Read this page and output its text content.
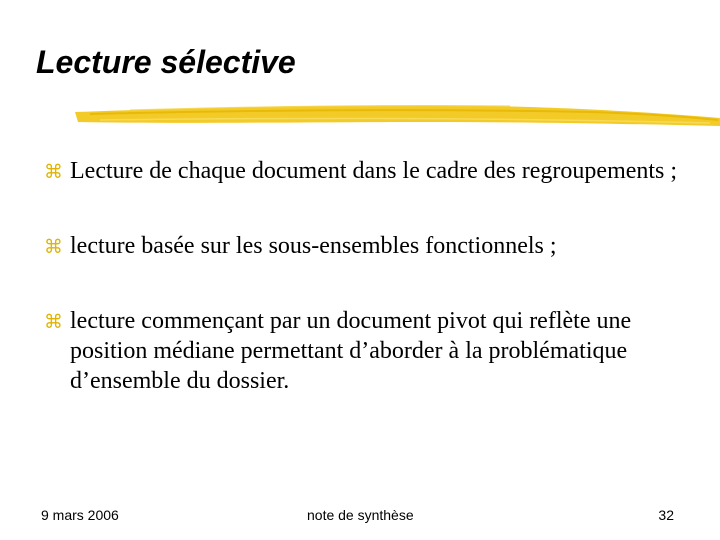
Lecture sélective
⌘ Lecture de chaque document dans le cadre des regroupements ;
⌘ lecture basée sur les sous-ensembles fonctionnels ;
⌘ lecture commençant par un document pivot qui reflète une position médiane permettant d’aborder à la problématique d’ensemble du dossier.
9 mars 2006	note de synthèse	32
